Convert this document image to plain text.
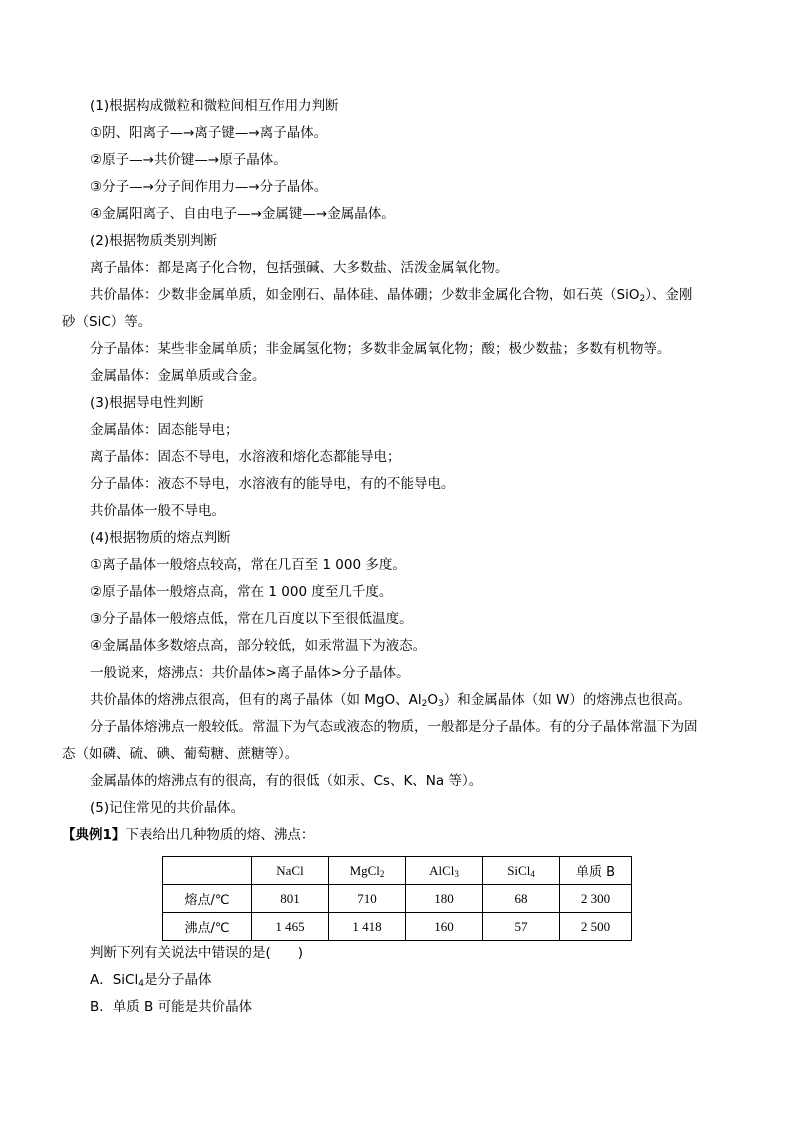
(1)根据构成微粒和微粒间相互作用力判断
①阴、阳离子—→离子键—→离子晶体。
②原子—→共价键—→原子晶体。
③分子—→分子间作用力—→分子晶体。
④金属阳离子、自由电子—→金属键—→金属晶体。
(2)根据物质类别判断
离子晶体：都是离子化合物，包括强碱、大多数盐、活泼金属氧化物。
共价晶体：少数非金属单质，如金刚石、晶体硅、晶体硼；少数非金属化合物，如石英（SiO$_2$）、金刚
砂（SiC）等。
分子晶体：某些非金属单质；非金属氢化物；多数非金属氧化物；酸；极少数盐；多数有机物等。
金属晶体：金属单质或合金。
(3)根据导电性判断
金属晶体：固态能导电；
离子晶体：固态不导电，水溶液和熔化态都能导电；
分子晶体：液态不导电，水溶液有的能导电，有的不能导电。
共价晶体一般不导电。
(4)根据物质的熔点判断
①离子晶体一般熔点较高，常在几百至 1 000 多度。
②原子晶体一般熔点高，常在 1 000 度至几千度。
③分子晶体一般熔点低，常在几百度以下至很低温度。
④金属晶体多数熔点高，部分较低，如汞常温下为液态。
一般说来，熔沸点：共价晶体>离子晶体>分子晶体。
共价晶体的熔沸点很高，但有的离子晶体（如 MgO、$Al_2O_3$）和金属晶体（如 W）的熔沸点也很高。
分子晶体熔沸点一般较低。常温下为气态或液态的物质，一般都是分子晶体。有的分子晶体常温下为固
态（如磷、硫、碘、葡萄糖、蔗糖等）。
金属晶体的熔沸点有的很高，有的很低（如汞、Cs、K、Na 等）。
(5)记住常见的共价晶体。
【典例1】下表给出几种物质的熔、沸点：
	NaCl	MgCl$_2$	AlCl$_3$	SiCl$_4$	单质 B
熔点/℃	801	710	180	68	2 300
沸点/℃	1 465	1 418	160	57	2 500
判断下列有关说法中错误的是(　　)
A．SiCl$_4$是分子晶体
B．单质 B 可能是共价晶体
